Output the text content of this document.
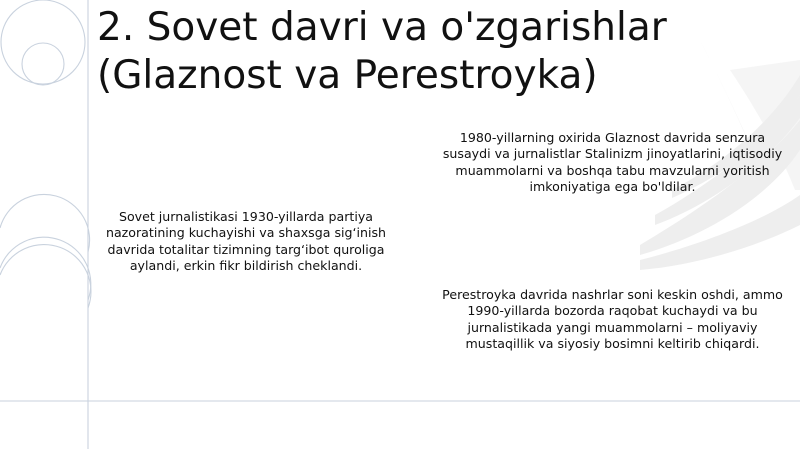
2. Sovet davri va o'zgarishlar
(Glaznost va Perestroyka)

Sovet jurnalistikasi 1930-yillarda partiya nazoratining kuchayishi va shaxsga sig‘inish davrida totalitar tizimning targ‘ibot quroliga aylandi, erkin fikr bildirish cheklandi.

1980-yillarning oxirida Glaznost davrida senzura susaydi va jurnalistlar Stalinizm jinoyatlarini, iqtisodiy muammolarni va boshqa tabu mavzularni yoritish imkoniyatiga ega bo'ldilar.

Perestroyka davrida nashrlar soni keskin oshdi, ammo 1990-yillarda bozorda raqobat kuchaydi va bu jurnalistikada yangi muammolarni – moliyaviy mustaqillik va siyosiy bosimni keltirib chiqardi.
